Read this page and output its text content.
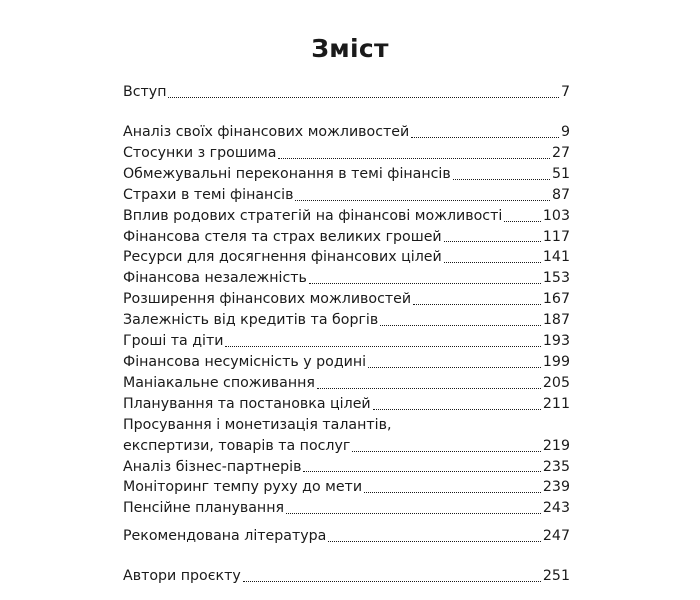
Зміст
Вступ	7
Аналіз своїх фінансових можливостей	9
Стосунки з грошима	27
Обмежувальні переконання в темі фінансів	51
Страхи в темі фінансів	87
Вплив родових стратегій на фінансові можливості	103
Фінансова стеля та страх великих грошей	117
Ресурси для досягнення фінансових цілей	141
Фінансова незалежність	153
Розширення фінансових можливостей	167
Залежність від кредитів та боргів	187
Гроші та діти	193
Фінансова несумісність у родині	199
Маніакальне споживання	205
Планування та постановка цілей	211
Просування і монетизація талантів,
експертизи, товарів та послуг	219
Аналіз бізнес-партнерів	235
Моніторинг темпу руху до мети	239
Пенсійне планування	243
Рекомендована література	247
Автори проєкту	251
